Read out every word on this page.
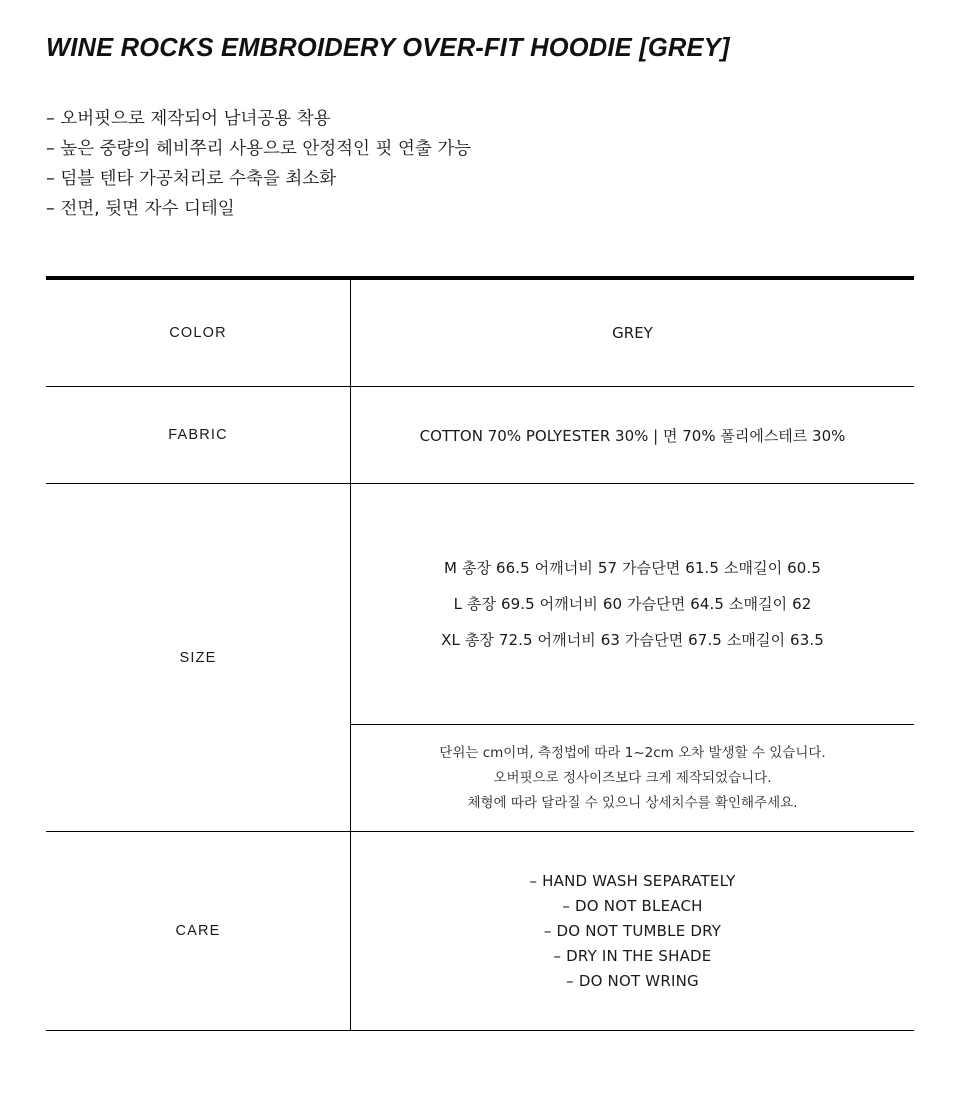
WINE ROCKS EMBROIDERY OVER-FIT HOODIE [GREY]
– 오버핏으로 제작되어 남녀공용 착용
– 높은 중량의 헤비쭈리 사용으로 안정적인 핏 연출 가능
– 덤블 텐타 가공처리로 수축을 최소화
– 전면, 뒷면 자수 디테일
COLOR	GREY
FABRIC	COTTON 70% POLYESTER 30% | 면 70% 폴리에스테르 30%
SIZE	M 총장 66.5 어깨너비 57 가슴단면 61.5 소매길이 60.5
L 총장 69.5 어깨너비 60 가슴단면 64.5 소매길이 62
XL 총장 72.5 어깨너비 63 가슴단면 67.5 소매길이 63.5

	단위는 cm이며, 측정법에 따라 1~2cm 오차 발생할 수 있습니다.
오버핏으로 정사이즈보다 크게 제작되었습니다.
체형에 따라 달라질 수 있으니 상세치수를 확인해주세요.

CARE	– HAND WASH SEPARATELY
– DO NOT BLEACH
– DO NOT TUMBLE DRY
– DRY IN THE SHADE
– DO NOT WRING
